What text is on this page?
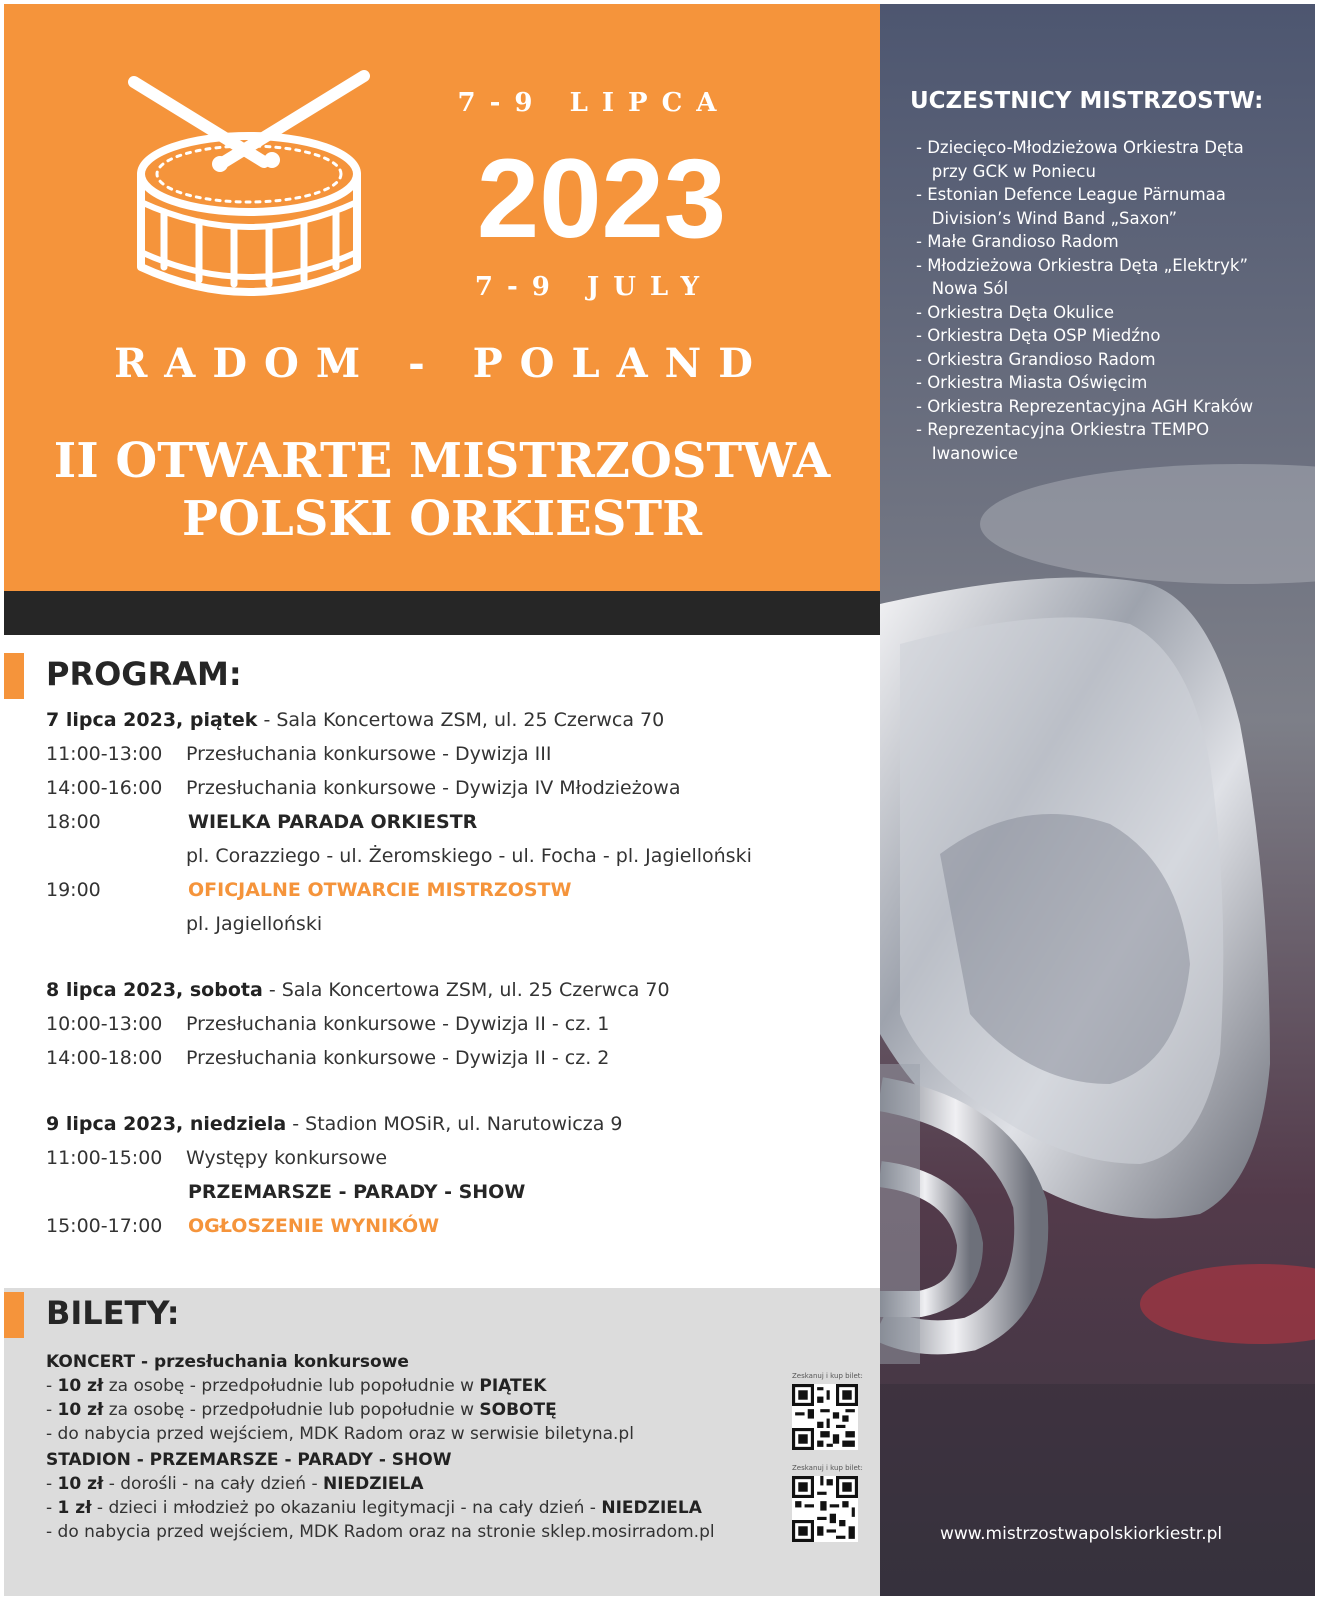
7-9 LIPCA
2023
7-9 JULY
RADOM - POLAND
II OTWARTE MISTRZOSTWA
POLSKI ORKIESTR
PROGRAM:
7 lipca 2023, piątek - Sala Koncertowa ZSM, ul. 25 Czerwca 70
11:00-13:00 Przesłuchania konkursowe - Dywizja III
14:00-16:00 Przesłuchania konkursowe - Dywizja IV Młodzieżowa
18:00	WIELKA PARADA ORKIESTR
pl. Corazziego - ul. Żeromskiego - ul. Focha - pl. Jagielloński
19:00	OFICJALNE OTWARCIE MISTRZOSTW
pl. Jagielloński
8 lipca 2023, sobota - Sala Koncertowa ZSM, ul. 25 Czerwca 70
10:00-13:00 Przesłuchania konkursowe - Dywizja II - cz. 1
14:00-18:00 Przesłuchania konkursowe - Dywizja II - cz. 2
9 lipca 2023, niedziela - Stadion MOSiR, ul. Narutowicza 9
11:00-15:00 Występy konkursowe
PRZEMARSZE - PARADY - SHOW
15:00-17:00 OGŁOSZENIE WYNIKÓW
BILETY:
KONCERT - przesłuchania konkursowe
- 10 zł za osobę - przedpołudnie lub popołudnie w PIĄTEK
- 10 zł za osobę - przedpołudnie lub popołudnie w SOBOTĘ
- do nabycia przed wejściem, MDK Radom oraz w serwisie biletyna.pl
STADION - PRZEMARSZE - PARADY - SHOW
- 10 zł - dorośli - na cały dzień - NIEDZIELA
- 1 zł - dzieci i młodzież po okazaniu legitymacji - na cały dzień - NIEDZIELA
- do nabycia przed wejściem, MDK Radom oraz na stronie sklep.mosirradom.pl
Zeskanuj i kup bilet:
Zeskanuj i kup bilet:
UCZESTNICY MISTRZOSTW:
- Dziecięco-Młodzieżowa Orkiestra Dęta
przy GCK w Poniecu
- Estonian Defence League Pärnumaa
Division’s Wind Band „Saxon”
- Małe Grandioso Radom
- Młodzieżowa Orkiestra Dęta „Elektryk”
Nowa Sól
- Orkiestra Dęta Okulice
- Orkiestra Dęta OSP Miedźno
- Orkiestra Grandioso Radom
- Orkiestra Miasta Oświęcim
- Orkiestra Reprezentacyjna AGH Kraków
- Reprezentacyjna Orkiestra TEMPO
Iwanowice
www.mistrzostwapolskiorkiestr.pl
